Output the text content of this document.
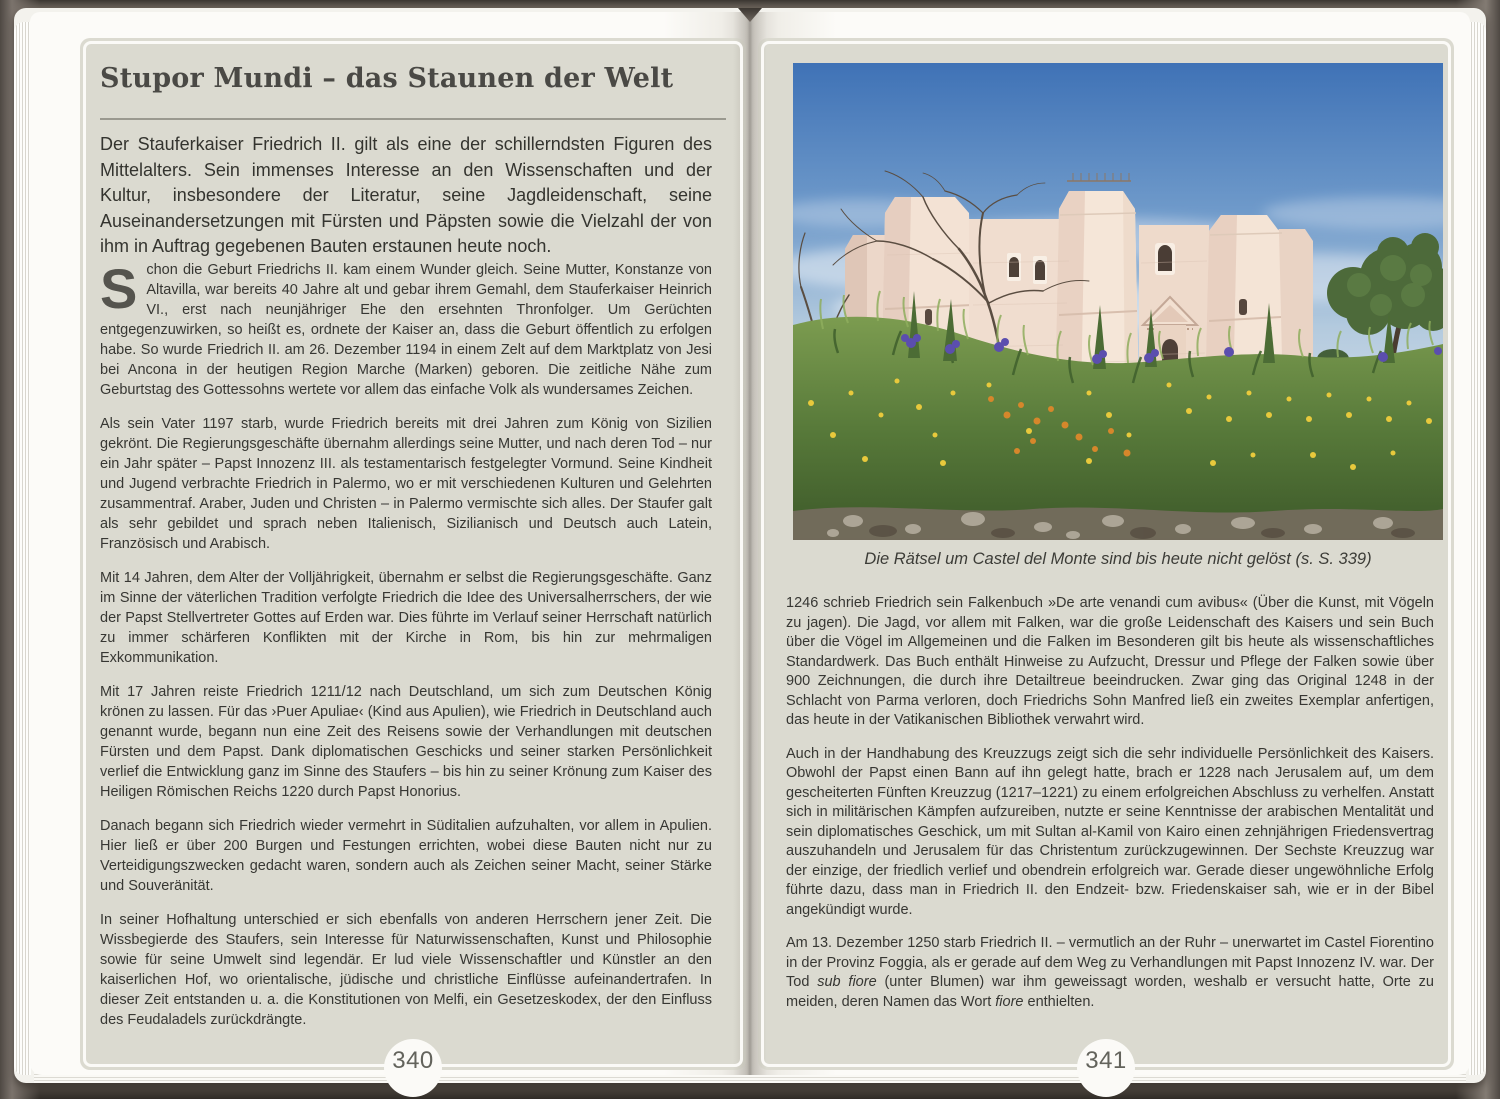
Stupor Mundi – das Staunen der Welt

Der Stauferkaiser Friedrich II. gilt als eine der schillerndsten Figuren des Mittelalters. Sein immenses Interesse an den Wissenschaften und der Kultur, insbesondere der Literatur, seine Jagdleidenschaft, seine Auseinandersetzungen mit Fürsten und Päpsten sowie die Vielzahl der von ihm in Auftrag gegebenen Bauten erstaunen heute noch.

Schon die Geburt Friedrichs II. kam einem Wunder gleich. Seine Mutter, Konstanze von Altavilla, war bereits 40 Jahre alt und gebar ihrem Gemahl, dem Stauferkaiser Heinrich VI., erst nach neunjähriger Ehe den ersehnten Thronfolger. Um Gerüchten entgegenzuwirken, so heißt es, ordnete der Kaiser an, dass die Geburt öffentlich zu erfolgen habe. So wurde Friedrich II. am 26. Dezember 1194 in einem Zelt auf dem Marktplatz von Jesi bei Ancona in der heutigen Region Marche (Marken) geboren. Die zeitliche Nähe zum Geburtstag des Gottessohns wertete vor allem das einfache Volk als wundersames Zeichen.

Als sein Vater 1197 starb, wurde Friedrich bereits mit drei Jahren zum König von Sizilien gekrönt. Die Regierungsgeschäfte übernahm allerdings seine Mutter, und nach deren Tod – nur ein Jahr später – Papst Innozenz III. als testamentarisch festgelegter Vormund. Seine Kindheit und Jugend verbrachte Friedrich in Palermo, wo er mit verschiedenen Kulturen und Gelehrten zusammentraf. Araber, Juden und Christen – in Palermo vermischte sich alles. Der Staufer galt als sehr gebildet und sprach neben Italienisch, Sizilianisch und Deutsch auch Latein, Französisch und Arabisch.

Mit 14 Jahren, dem Alter der Volljährigkeit, übernahm er selbst die Regierungsgeschäfte. Ganz im Sinne der väterlichen Tradition verfolgte Friedrich die Idee des Universalherrschers, der wie der Papst Stellvertreter Gottes auf Erden war. Dies führte im Verlauf seiner Herrschaft natürlich zu immer schärferen Konflikten mit der Kirche in Rom, bis hin zur mehrmaligen Exkommunikation.

Mit 17 Jahren reiste Friedrich 1211/12 nach Deutschland, um sich zum Deutschen König krönen zu lassen. Für das ›Puer Apuliae‹ (Kind aus Apulien), wie Friedrich in Deutschland auch genannt wurde, begann nun eine Zeit des Reisens sowie der Verhandlungen mit deutschen Fürsten und dem Papst. Dank diplomatischen Geschicks und seiner starken Persönlichkeit verlief die Entwicklung ganz im Sinne des Staufers – bis hin zu seiner Krönung zum Kaiser des Heiligen Römischen Reichs 1220 durch Papst Honorius.

Danach begann sich Friedrich wieder vermehrt in Süditalien aufzuhalten, vor allem in Apulien. Hier ließ er über 200 Burgen und Festungen errichten, wobei diese Bauten nicht nur zu Verteidigungszwecken gedacht waren, sondern auch als Zeichen seiner Macht, seiner Stärke und Souveränität.

In seiner Hofhaltung unterschied er sich ebenfalls von anderen Herrschern jener Zeit. Die Wissbegierde des Staufers, sein Interesse für Naturwissenschaften, Kunst und Philosophie sowie für seine Umwelt sind legendär. Er lud viele Wissenschaftler und Künstler an den kaiserlichen Hof, wo orientalische, jüdische und christliche Einflüsse aufeinandertrafen. In dieser Zeit entstanden u. a. die Konstitutionen von Melfi, ein Gesetzeskodex, der den Einfluss des Feudaladels zurückdrängte.

340

Die Rätsel um Castel del Monte sind bis heute nicht gelöst (s. S. 339)

1246 schrieb Friedrich sein Falkenbuch »De arte venandi cum avibus« (Über die Kunst, mit Vögeln zu jagen). Die Jagd, vor allem mit Falken, war die große Leidenschaft des Kaisers und sein Buch über die Vögel im Allgemeinen und die Falken im Besonderen gilt bis heute als wissenschaftliches Standardwerk. Das Buch enthält Hinweise zu Aufzucht, Dressur und Pflege der Falken sowie über 900 Zeichnungen, die durch ihre Detailtreue beeindrucken. Zwar ging das Original 1248 in der Schlacht von Parma verloren, doch Friedrichs Sohn Manfred ließ ein zweites Exemplar anfertigen, das heute in der Vatikanischen Bibliothek verwahrt wird.

Auch in der Handhabung des Kreuzzugs zeigt sich die sehr individuelle Persönlichkeit des Kaisers. Obwohl der Papst einen Bann auf ihn gelegt hatte, brach er 1228 nach Jerusalem auf, um dem gescheiterten Fünften Kreuzzug (1217–1221) zu einem erfolgreichen Abschluss zu verhelfen. Anstatt sich in militärischen Kämpfen aufzureiben, nutzte er seine Kenntnisse der arabischen Mentalität und sein diplomatisches Geschick, um mit Sultan al-Kamil von Kairo einen zehnjährigen Friedensvertrag auszuhandeln und Jerusalem für das Christentum zurückzugewinnen. Der Sechste Kreuzzug war der einzige, der friedlich verlief und obendrein erfolgreich war. Gerade dieser ungewöhnliche Erfolg führte dazu, dass man in Friedrich II. den Endzeit- bzw. Friedenskaiser sah, wie er in der Bibel angekündigt wurde.

Am 13. Dezember 1250 starb Friedrich II. – vermutlich an der Ruhr – unerwartet im Castel Fiorentino in der Provinz Foggia, als er gerade auf dem Weg zu Verhandlungen mit Papst Innozenz IV. war. Der Tod sub fiore (unter Blumen) war ihm geweissagt worden, weshalb er versucht hatte, Orte zu meiden, deren Namen das Wort fiore enthielten.

341
